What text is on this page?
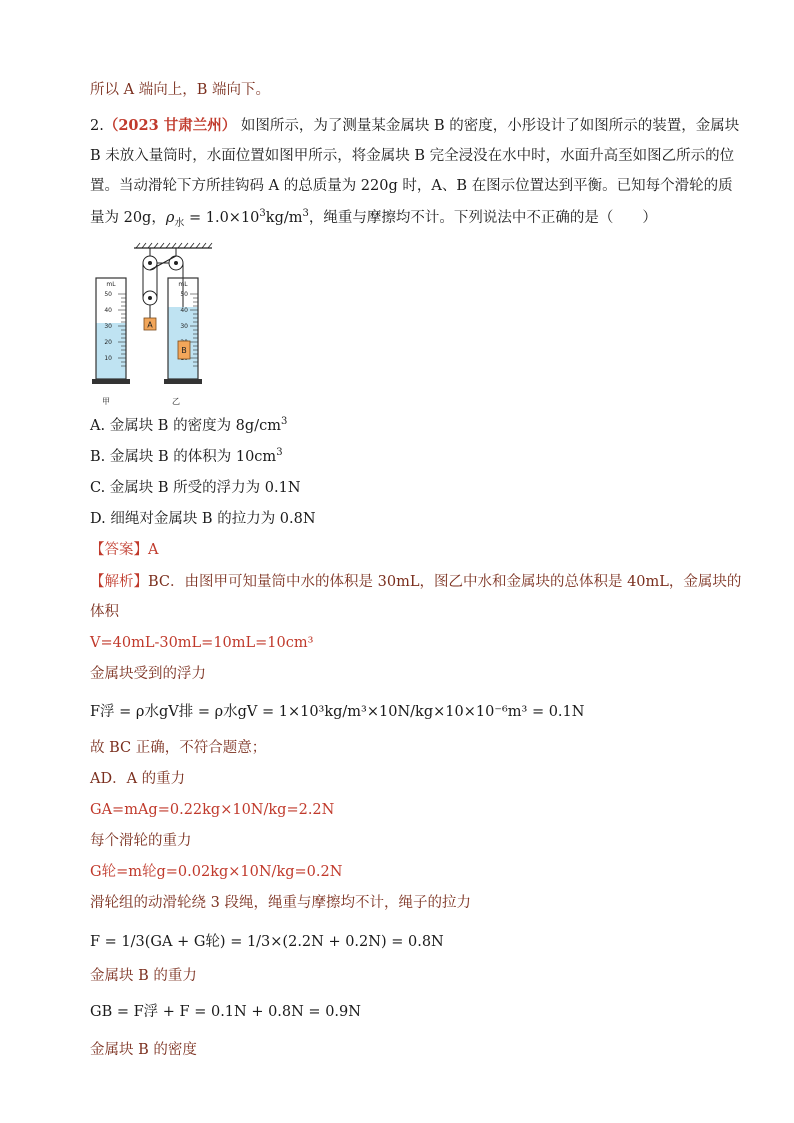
所以 A 端向上，B 端向下。
2.（2023 甘肃兰州） 如图所示，为了测量某金属块 B 的密度，小彤设计了如图所示的装置，金属块
B 未放入量筒时，水面位置如图甲所示，将金属块 B 完全浸没在水中时，水面升高至如图乙所示的位
置。当动滑轮下方所挂钩码 A 的总质量为 220g 时，A、B 在图示位置达到平衡。已知每个滑轮的质
量为 20g，$\rho_水 = 1.0\times 10^3kg/m^3$，绳重与摩擦均不计。下列说法中不正确的是（　　）
A
mL
50
40
30
20
10
mL
50
40
30
B
甲	乙
A. 金属块 B 的密度为 $8g/cm^3$
B. 金属块 B 的体积为 $10cm^3$
C. 金属块 B 所受的浮力为 0.1N
D. 细绳对金属块 B 的拉力为 0.8N
【答案】A
【解析】BC．由图甲可知量筒中水的体积是 30mL，图乙中水和金属块的总体积是 40mL，金属块的
体积
V=40mL-30mL=10mL=10cm³
金属块受到的浮力
F浮 = ρ水gV排 = ρ水gV = 1×10³kg/m³×10N/kg×10×10⁻⁶m³ = 0.1N
故 BC 正确，不符合题意；
AD．A 的重力
GA=mAg=0.22kg×10N/kg=2.2N
每个滑轮的重力
G轮=m轮g=0.02kg×10N/kg=0.2N
滑轮组的动滑轮绕 3 段绳，绳重与摩擦均不计，绳子的拉力
F = 1/3(GA + G轮) = 1/3×(2.2N + 0.2N) = 0.8N
金属块 B 的重力
GB = F浮 + F = 0.1N + 0.8N = 0.9N
金属块 B 的密度
